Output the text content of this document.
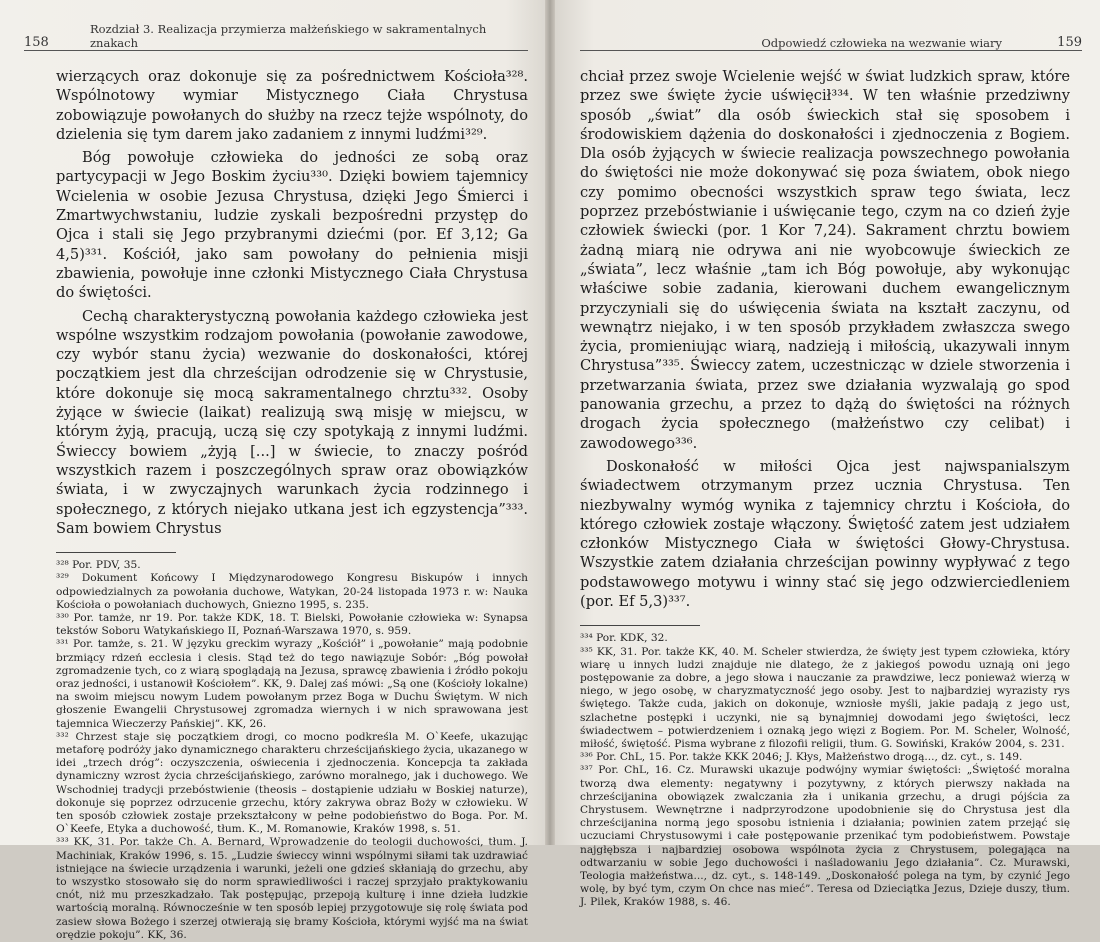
158
Rozdział 3. Realizacja przymierza małżeńskiego w sakramentalnych znakach

wierzących oraz dokonuje się za pośrednictwem Kościoła³²⁸. Wspólnotowy wymiar Mistycznego Ciała Chrystusa zobowiązuje powołanych do służby na rzecz tejże wspólnoty, do dzielenia się tym darem jako zadaniem z innymi ludźmi³²⁹.

Bóg powołuje człowieka do jedności ze sobą oraz partycypacji w Jego Boskim życiu³³⁰. Dzięki bowiem tajemnicy Wcielenia w osobie Jezusa Chrystusa, dzięki Jego Śmierci i Zmartwychwstaniu, ludzie zyskali bezpośredni przystęp do Ojca i stali się Jego przybranymi dziećmi (por. Ef 3,12; Ga 4,5)³³¹. Kościół, jako sam powołany do pełnienia misji zbawienia, powołuje inne członki Mistycznego Ciała Chrystusa do świętości.

Cechą charakterystyczną powołania każdego człowieka jest wspólne wszystkim rodzajom powołania (powołanie zawodowe, czy wybór stanu życia) wezwanie do doskonałości, której początkiem jest dla chrześcijan odrodzenie się w Chrystusie, które dokonuje się mocą sakramentalnego chrztu³³². Osoby żyjące w świecie (laikat) realizują swą misję w miejscu, w którym żyją, pracują, uczą się czy spotykają z innymi ludźmi. Świeccy bowiem „żyją [...] w świecie, to znaczy pośród wszystkich razem i poszczególnych spraw oraz obowiązków świata, i w zwyczajnych warunkach życia rodzinnego i społecznego, z których niejako utkana jest ich egzystencja”³³³. Sam bowiem Chrystus

³²⁸ Por. PDV, 35.

³²⁹ Dokument Końcowy I Międzynarodowego Kongresu Biskupów i innych odpowiedzialnych za powołania duchowe, Watykan, 20-24 listopada 1973 r. w: Nauka Kościoła o powołaniach duchowych, Gniezno 1995, s. 235.

³³⁰ Por. tamże, nr 19. Por. także KDK, 18. T. Bielski, Powołanie człowieka w: Synapsa tekstów Soboru Watykańskiego II, Poznań-Warszawa 1970, s. 959.

³³¹ Por. tamże, s. 21. W języku greckim wyrazy „Kościół” i „powołanie” mają podobnie brzmiący rdzeń ecclesia i clesis. Stąd też do tego nawiązuje Sobór: „Bóg powołał zgromadzenie tych, co z wiarą spoglądają na Jezusa, sprawcę zbawienia i źródło pokoju oraz jedności, i ustanowił Kościołem”. KK, 9. Dalej zaś mówi: „Są one (Kościoły lokalne) na swoim miejscu nowym Ludem powołanym przez Boga w Duchu Świętym. W nich głoszenie Ewangelii Chrystusowej zgromadza wiernych i w nich sprawowana jest tajemnica Wieczerzy Pańskiej”. KK, 26.

³³² Chrzest staje się początkiem drogi, co mocno podkreśla M. O`Keefe, ukazując metaforę podróży jako dynamicznego charakteru chrześcijańskiego życia, ukazanego w idei „trzech dróg”: oczyszczenia, oświecenia i zjednoczenia. Koncepcja ta zakłada dynamiczny wzrost życia chrześcijańskiego, zarówno moralnego, jak i duchowego. We Wschodniej tradycji przebóstwienie (theosis – dostąpienie udziału w Boskiej naturze), dokonuje się poprzez odrzucenie grzechu, który zakrywa obraz Boży w człowieku. W ten sposób człowiek zostaje przekształcony w pełne podobieństwo do Boga. Por. M. O`Keefe, Etyka a duchowość, tłum. K., M. Romanowie, Kraków 1998, s. 51.

³³³ KK, 31. Por. także Ch. A. Bernard, Wprowadzenie do teologii duchowości, tłum. J. Machiniak, Kraków 1996, s. 15. „Ludzie świeccy winni wspólnymi siłami tak uzdrawiać istniejące na świecie urządzenia i warunki, jeżeli one gdzieś skłaniają do grzechu, aby to wszystko stosowało się do norm sprawiedliwości i raczej sprzyjało praktykowaniu cnót, niż mu przeszkadzało. Tak postępując, przepoją kulturę i inne dzieła ludzkie wartością moralną. Równocześnie w ten sposób lepiej przygotowuje się rolę świata pod zasiew słowa Bożego i szerzej otwierają się bramy Kościoła, którymi wyjść ma na świat orędzie pokoju”. KK, 36.

Odpowiedź człowieka na wezwanie wiary	159

chciał przez swoje Wcielenie wejść w świat ludzkich spraw, które przez swe święte życie uświęcił³³⁴. W ten właśnie przedziwny sposób „świat” dla osób świeckich stał się sposobem i środowiskiem dążenia do doskonałości i zjednoczenia z Bogiem. Dla osób żyjących w świecie realizacja powszechnego powołania do świętości nie może dokonywać się poza światem, obok niego czy pomimo obecności wszystkich spraw tego świata, lecz poprzez przebóstwianie i uświęcanie tego, czym na co dzień żyje człowiek świecki (por. 1 Kor 7,24). Sakrament chrztu bowiem żadną miarą nie odrywa ani nie wyobcowuje świeckich ze „świata”, lecz właśnie „tam ich Bóg powołuje, aby wykonując właściwe sobie zadania, kierowani duchem ewangelicznym przyczyniali się do uświęcenia świata na kształt zaczynu, od wewnątrz niejako, i w ten sposób przykładem zwłaszcza swego życia, promieniując wiarą, nadzieją i miłością, ukazywali innym Chrystusa”³³⁵. Świeccy zatem, uczestnicząc w dziele stworzenia i przetwarzania świata, przez swe działania wyzwalają go spod panowania grzechu, a przez to dążą do świętości na różnych drogach życia społecznego (małżeństwo czy celibat) i zawodowego³³⁶.

Doskonałość w miłości Ojca jest najwspanialszym świadectwem otrzymanym przez ucznia Chrystusa. Ten niezbywalny wymóg wynika z tajemnicy chrztu i Kościoła, do którego człowiek zostaje włączony. Świętość zatem jest udziałem członków Mistycznego Ciała w świętości Głowy-Chrystusa. Wszystkie zatem działania chrześcijan powinny wypływać z tego podstawowego motywu i winny stać się jego odzwierciedleniem (por. Ef 5,3)³³⁷.

³³⁴ Por. KDK, 32.

³³⁵ KK, 31. Por. także KK, 40. M. Scheler stwierdza, że święty jest typem człowieka, który wiarę u innych ludzi znajduje nie dlatego, że z jakiegoś powodu uznają oni jego postępowanie za dobre, a jego słowa i nauczanie za prawdziwe, lecz ponieważ wierzą w niego, w jego osobę, w charyzmatyczność jego osoby. Jest to najbardziej wyrazisty rys świętego. Także cuda, jakich on dokonuje, wzniosłe myśli, jakie padają z jego ust, szlachetne postępki i uczynki, nie są bynajmniej dowodami jego świętości, lecz świadectwem – potwierdzeniem i oznaką jego więzi z Bogiem. Por. M. Scheler, Wolność, miłość, świętość. Pisma wybrane z filozofii religii, tłum. G. Sowiński, Kraków 2004, s. 231.

³³⁶ Por. ChL, 15. Por. także KKK 2046; J. Kłys, Małżeństwo drogą..., dz. cyt., s. 149.

³³⁷ Por. ChL, 16. Cz. Murawski ukazuje podwójny wymiar świętości: „Świętość moralna tworzą dwa elementy: negatywny i pozytywny, z których pierwszy nakłada na chrześcijanina obowiązek zwalczania zła i unikania grzechu, a drugi pójścia za Chrystusem. Wewnętrzne i nadprzyrodzone upodobnienie się do Chrystusa jest dla chrześcijanina normą jego sposobu istnienia i działania; powinien zatem przejąć się uczuciami Chrystusowymi i całe postępowanie przenikać tym podobieństwem. Powstaje najgłębsza i najbardziej osobowa wspólnota życia z Chrystusem, polegająca na odtwarzaniu w sobie Jego duchowości i naśladowaniu Jego działania”. Cz. Murawski, Teologia małżeństwa..., dz. cyt., s. 148-149. „Doskonałość polega na tym, by czynić Jego wolę, by być tym, czym On chce nas mieć”. Teresa od Dzieciątka Jezus, Dzieje duszy, tłum. J. Pilek, Kraków 1988, s. 46.
